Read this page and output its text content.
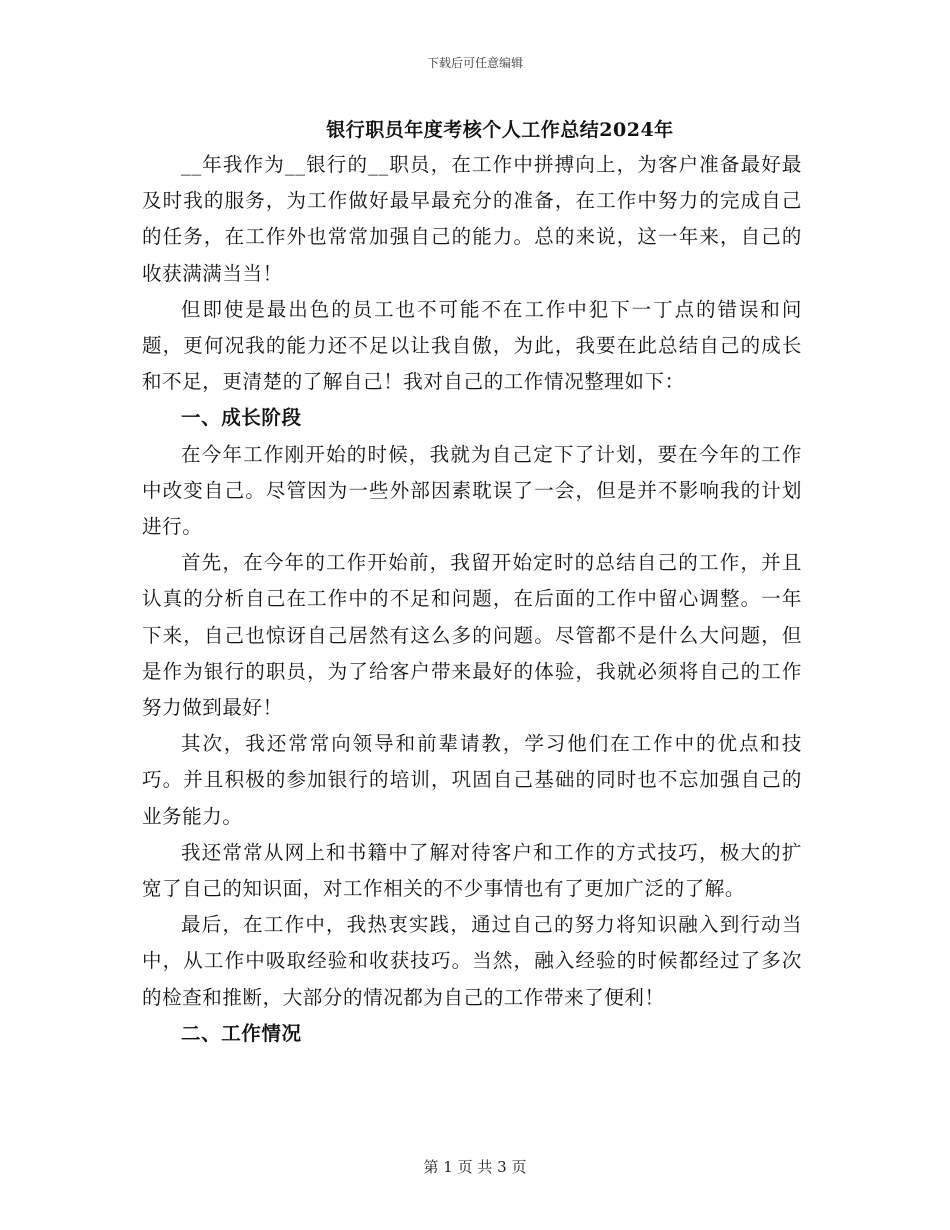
下载后可任意编辑
银行职员年度考核个人工作总结2024年

__年我作为__银行的__职员，在工作中拼搏向上，为客户准备最好最及时我的服务，为工作做好最早最充分的准备，在工作中努力的完成自己的任务，在工作外也常常加强自己的能力。总的来说，这一年来，自己的收获满满当当！

但即使是最出色的员工也不可能不在工作中犯下一丁点的错误和问题，更何况我的能力还不足以让我自傲，为此，我要在此总结自己的成长和不足，更清楚的了解自己！我对自己的工作情况整理如下：

一、成长阶段

在今年工作刚开始的时候，我就为自己定下了计划，要在今年的工作中改变自己。尽管因为一些外部因素耽误了一会，但是并不影响我的计划进行。

首先，在今年的工作开始前，我留开始定时的总结自己的工作，并且认真的分析自己在工作中的不足和问题，在后面的工作中留心调整。一年下来，自己也惊讶自己居然有这么多的问题。尽管都不是什么大问题，但是作为银行的职员，为了给客户带来最好的体验，我就必须将自己的工作努力做到最好！

其次，我还常常向领导和前辈请教，学习他们在工作中的优点和技巧。并且积极的参加银行的培训，巩固自己基础的同时也不忘加强自己的业务能力。

我还常常从网上和书籍中了解对待客户和工作的方式技巧，极大的扩宽了自己的知识面，对工作相关的不少事情也有了更加广泛的了解。

最后，在工作中，我热衷实践，通过自己的努力将知识融入到行动当中，从工作中吸取经验和收获技巧。当然，融入经验的时候都经过了多次的检查和推断，大部分的情况都为自己的工作带来了便利！

二、工作情况
第 1 页 共 3 页
